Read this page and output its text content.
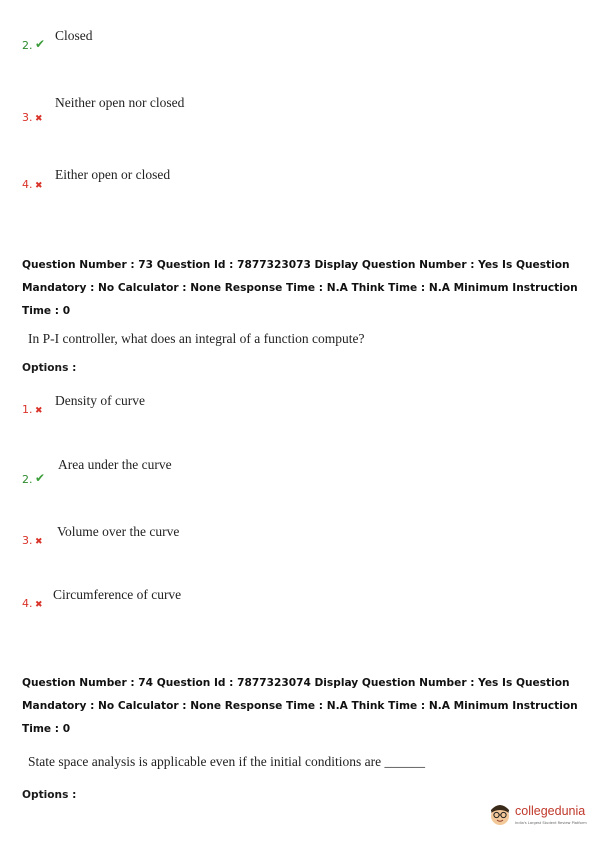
2. ✔
Closed
3. ✖
Neither open nor closed
4. ✖
Either open or closed
Question Number : 73 Question Id : 7877323073 Display Question Number : Yes Is Question
Mandatory : No Calculator : None Response Time : N.A Think Time : N.A Minimum Instruction
Time : 0
In P-I controller, what does an integral of a function compute?
Options :
1. ✖
Density of curve
2. ✔
Area under the curve
3. ✖
Volume over the curve
4. ✖
Circumference of curve
Question Number : 74 Question Id : 7877323074 Display Question Number : Yes Is Question
Mandatory : No Calculator : None Response Time : N.A Think Time : N.A Minimum Instruction
Time : 0
State space analysis is applicable even if the initial conditions are ______
Options :
collegedunia
India's Largest Student Review Platform
